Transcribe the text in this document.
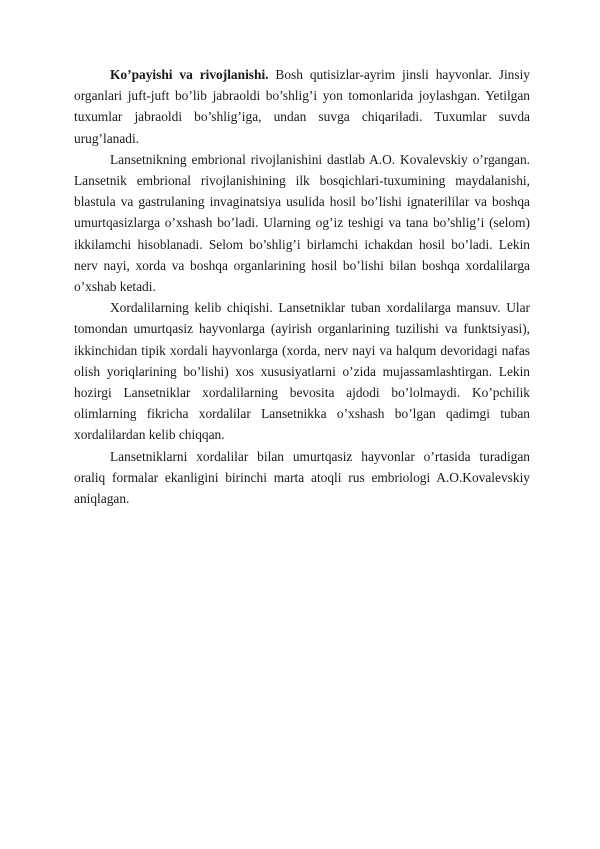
Ko’payishi va rivojlanishi. Bosh qutisizlar-ayrim jinsli hayvonlar. Jinsiy organlari juft-juft bo’lib jabraoldi bo’shlig’i yon tomonlarida joylashgan. Yetilgan tuxumlar jabraoldi bo’shlig’iga, undan suvga chiqariladi. Tuxumlar suvda urug’lanadi.

Lansetnikning embrional rivojlanishini dastlab A.O. Kovalevskiy o’rgangan. Lansetnik embrional rivojlanishining ilk bosqichlari-tuxumining maydalanishi, blastula va gastrulaning invaginatsiya usulida hosil bo’lishi ignaterililar va boshqa umurtqasizlarga o’xshash bo’ladi. Ularning og’iz teshigi va tana bo’shlig’i (selom) ikkilamchi hisoblanadi. Selom bo’shlig’i birlamchi ichakdan hosil bo’ladi. Lekin nerv nayi, xorda va boshqa organlarining hosil bo’lishi bilan boshqa xordalilarga o’xshab ketadi.

Xordalilarning kelib chiqishi. Lansetniklar tuban xordalilarga mansuv. Ular tomondan umurtqasiz hayvonlarga (ayirish organlarining tuzilishi va funktsiyasi), ikkinchidan tipik xordali hayvonlarga (xorda, nerv nayi va halqum devoridagi nafas olish yoriqlarining bo’lishi) xos xususiyatlarni o’zida mujassamlashtirgan. Lekin hozirgi Lansetniklar xordalilarning bevosita ajdodi bo’lolmaydi. Ko’pchilik olimlarning fikricha xordalilar Lansetnikka o’xshash bo’lgan qadimgi tuban xordalilardan kelib chiqqan.

Lansetniklarni xordalilar bilan umurtqasiz hayvonlar o’rtasida turadigan oraliq formalar ekanligini birinchi marta atoqli rus embriologi A.O.Kovalevskiy aniqlagan.
